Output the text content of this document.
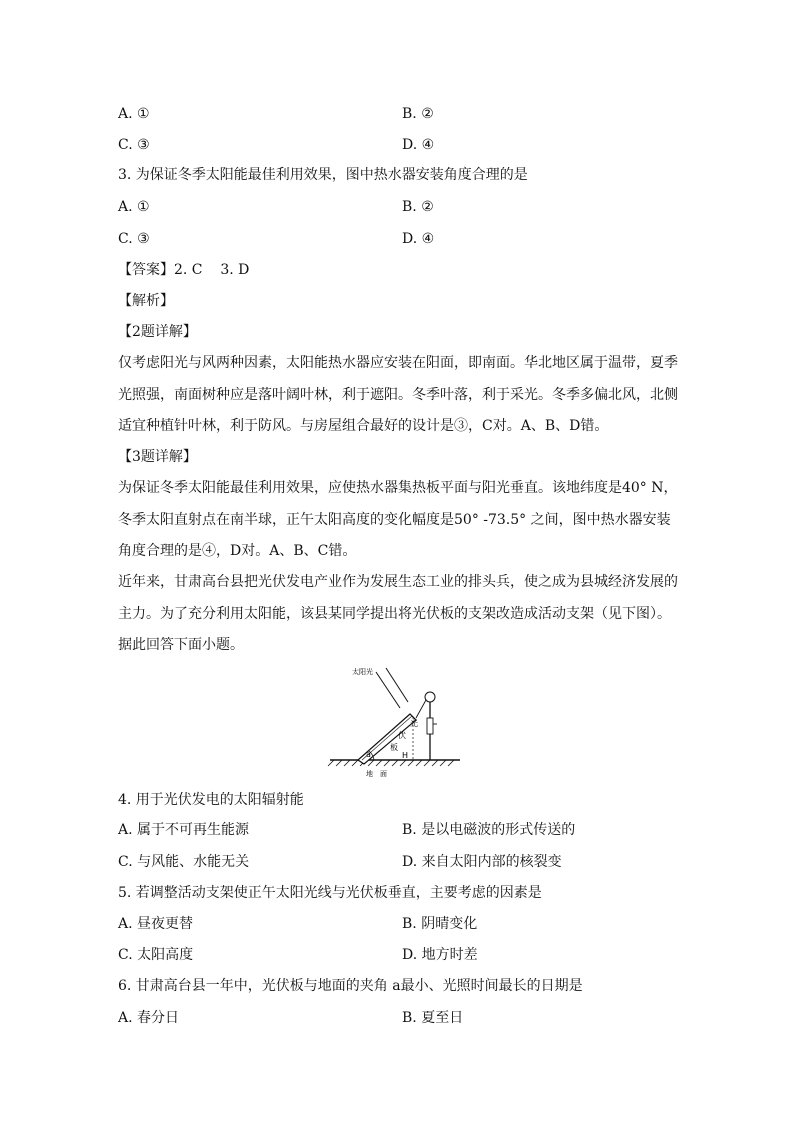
A. ①	B. ②
C. ③	D. ④
3. 为保证冬季太阳能最佳利用效果，图中热水器安装角度合理的是
A. ①	B. ②
C. ③	D. ④
【答案】2. C    3. D
【解析】
【2题详解】
仅考虑阳光与风两种因素，太阳能热水器应安装在阳面，即南面。华北地区属于温带，夏季光照强，南面树种应是落叶阔叶林，利于遮阳。冬季叶落，利于采光。冬季多偏北风，北侧适宜种植针叶林，利于防风。与房屋组合最好的设计是③，C对。A、B、D错。
【3题详解】
为保证冬季太阳能最佳利用效果，应使热水器集热板平面与阳光垂直。该地纬度是40° N，冬季太阳直射点在南半球，正午太阳高度的变化幅度是50° -73.5° 之间，图中热水器安装角度合理的是④，D对。A、B、C错。
近年来，甘肃高台县把光伏发电产业作为发展生态工业的排头兵，使之成为县城经济发展的主力。为了充分利用太阳能，该县某同学提出将光伏板的支架改造成活动支架（见下图）。据此回答下面小题。
太阳光
光
伏
板
H
a
地　面
4. 用于光伏发电的太阳辐射能
A. 属于不可再生能源	B. 是以电磁波的形式传送的
C. 与风能、水能无关	D. 来自太阳内部的核裂变
5. 若调整活动支架使正午太阳光线与光伏板垂直，主要考虑的因素是
A. 昼夜更替	B. 阴晴变化
C. 太阳高度	D. 地方时差
6. 甘肃高台县一年中，光伏板与地面的夹角 a最小、光照时间最长的日期是
A. 春分日	B. 夏至日
